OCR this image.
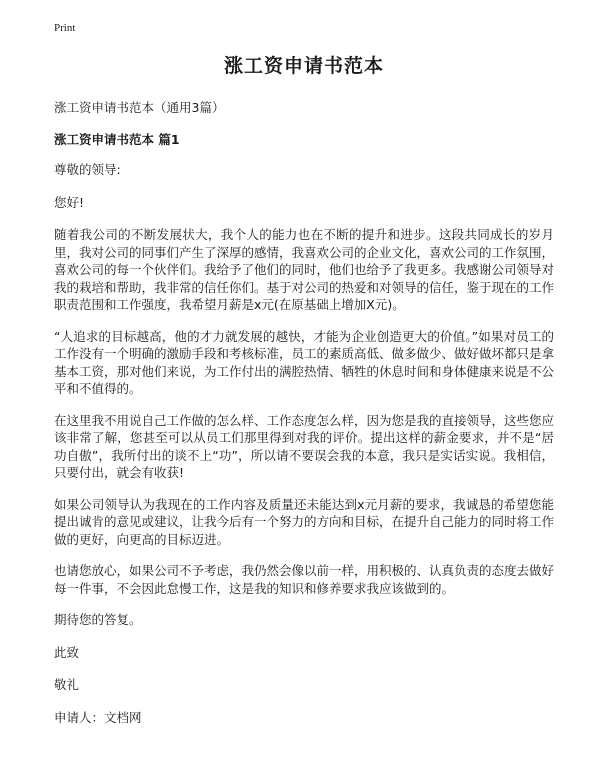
Print
涨工资申请书范本
涨工资申请书范本（通用3篇）
涨工资申请书范本 篇1
尊敬的领导:
您好!
随着我公司的不断发展状大，我个人的能力也在不断的提升和进步。这段共同成长的岁月里，我对公司的同事们产生了深厚的感情，我喜欢公司的企业文化，喜欢公司的工作氛围，喜欢公司的每一个伙伴们。我给予了他们的同时，他们也给予了我更多。我感谢公司领导对我的栽培和帮助，我非常的信任你们。基于对公司的热爱和对领导的信任，鉴于现在的工作职责范围和工作强度，我希望月薪是x元(在原基础上增加X元)。
“人追求的目标越高，他的才力就发展的越快，才能为企业创造更大的价值。”如果对员工的工作没有一个明确的激励手段和考核标准，员工的素质高低、做多做少、做好做坏都只是拿基本工资，那对他们来说，为工作付出的满腔热情、牺牲的休息时间和身体健康来说是不公平和不值得的。
在这里我不用说自己工作做的怎么样、工作态度怎么样，因为您是我的直接领导，这些您应该非常了解，您甚至可以从员工们那里得到对我的评价。提出这样的薪金要求，并不是“居功自傲”，我所付出的谈不上“功”，所以请不要误会我的本意，我只是实话实说。我相信，只要付出，就会有收获!
如果公司领导认为我现在的工作内容及质量还未能达到x元月薪的要求，我诚恳的希望您能提出诚肯的意见或建议，让我今后有一个努力的方向和目标，在提升自己能力的同时将工作做的更好，向更高的目标迈进。
也请您放心，如果公司不予考虑，我仍然会像以前一样，用积极的、认真负责的态度去做好每一件事，不会因此怠慢工作，这是我的知识和修养要求我应该做到的。
期待您的答复。
此致
敬礼
申请人：文档网
